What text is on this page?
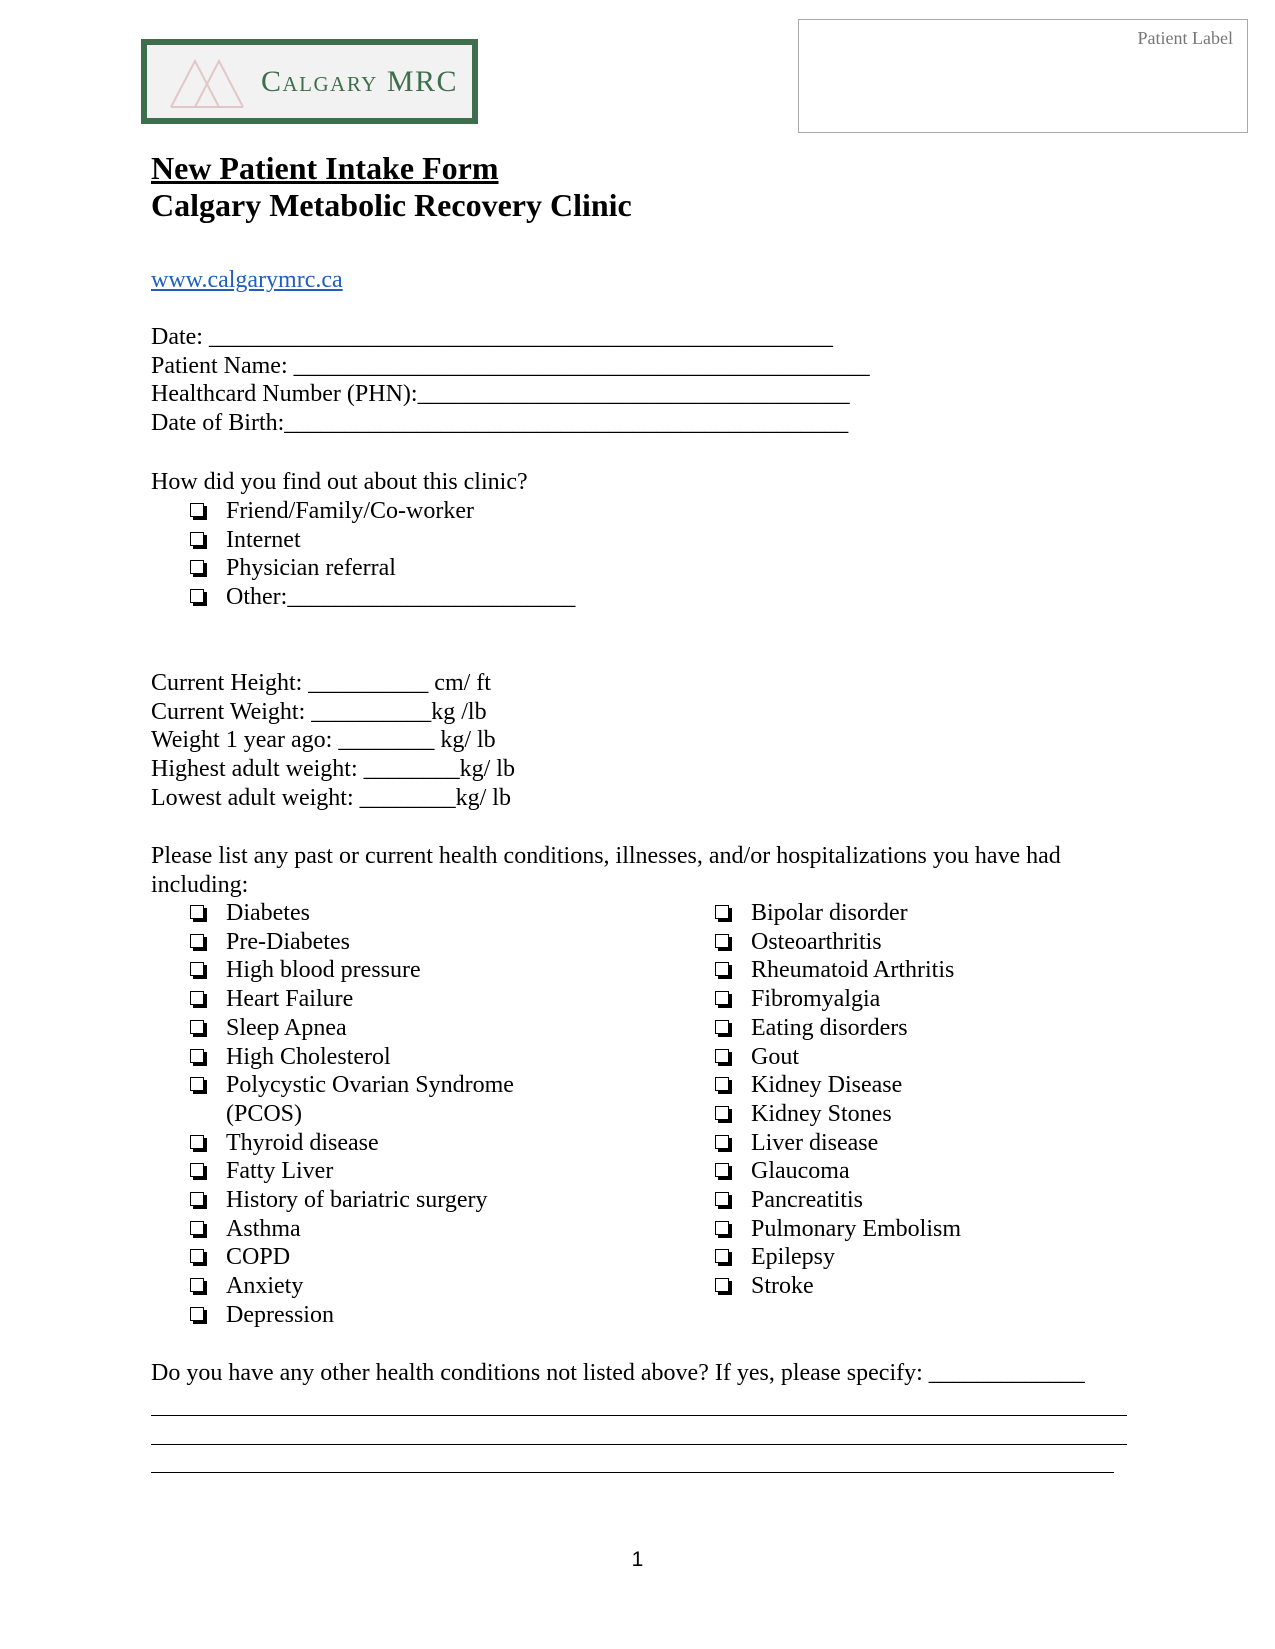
Calgary MRC
Patient Label
New Patient Intake Form
Calgary Metabolic Recovery Clinic
www.calgarymrc.ca
Date: ____________________________________________________
Patient Name: ________________________________________________
Healthcard Number (PHN):____________________________________
Date of Birth:_______________________________________________
How did you find out about this clinic?
Friend/Family/Co-worker
Internet
Physician referral
Other:________________________
Current Height: __________ cm/ ft
Current Weight: __________kg /lb
Weight 1 year ago: ________ kg/ lb
Highest adult weight: ________kg/ lb
Lowest adult weight: ________kg/ lb
Please list any past or current health conditions, illnesses, and/or hospitalizations you have had including:
Diabetes
Pre-Diabetes
High blood pressure
Heart Failure
Sleep Apnea
High Cholesterol
Polycystic Ovarian Syndrome
(PCOS)
Thyroid disease
Fatty Liver
History of bariatric surgery
Asthma
COPD
Anxiety
Depression
Bipolar disorder
Osteoarthritis
Rheumatoid Arthritis
Fibromyalgia
Eating disorders
Gout
Kidney Disease
Kidney Stones
Liver disease
Glaucoma
Pancreatitis
Pulmonary Embolism
Epilepsy
Stroke
Do you have any other health conditions not listed above? If yes, please specify: _____________
1
